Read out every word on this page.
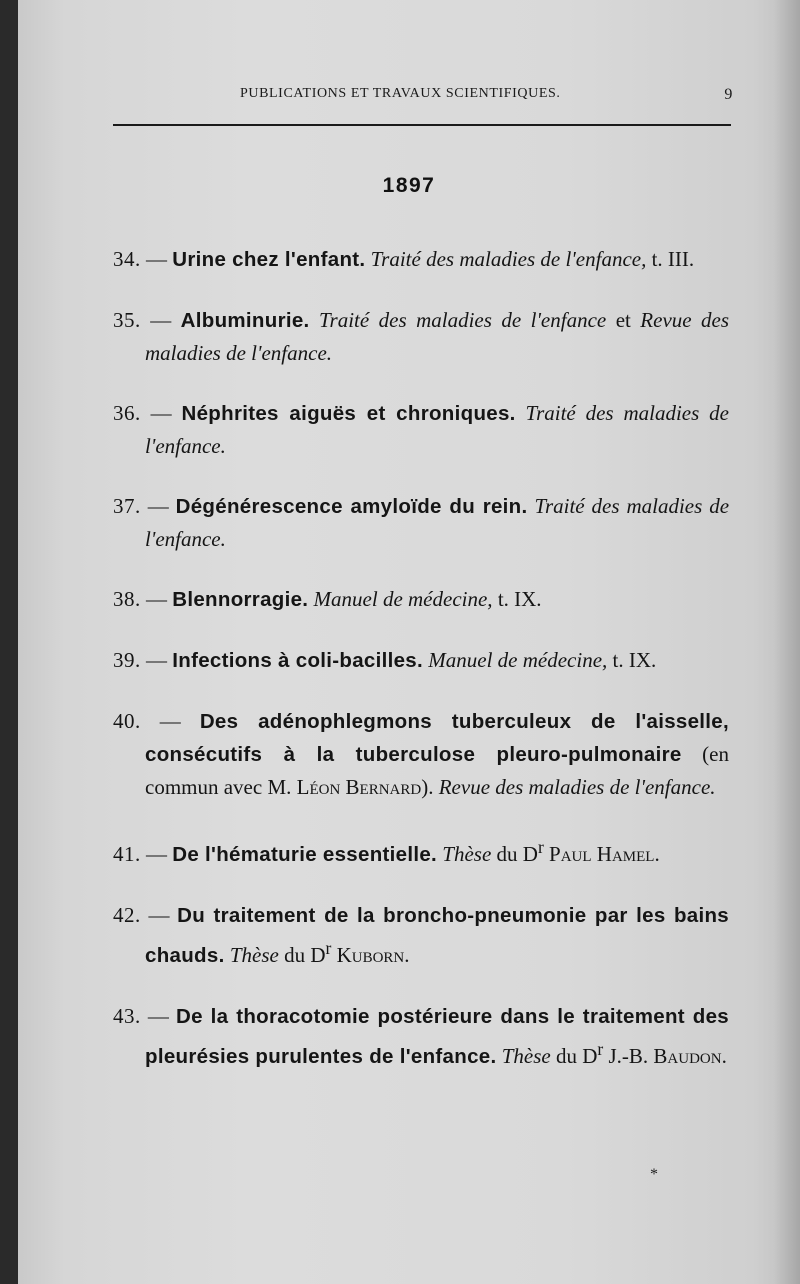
PUBLICATIONS ET TRAVAUX SCIENTIFIQUES.	9
1897

34. — Urine chez l'enfant. Traité des maladies de l'enfance, t. III.

35. — Albuminurie. Traité des maladies de l'enfance et Revue des maladies de l'enfance.

36. — Néphrites aiguës et chroniques. Traité des maladies de l'enfance.

37. — Dégénérescence amyloïde du rein. Traité des maladies de l'enfance.

38. — Blennorragie. Manuel de médecine, t. IX.

39. — Infections à coli-bacilles. Manuel de médecine, t. IX.

40. — Des adénophlegmons tuberculeux de l'aisselle, consécutifs à la tuberculose pleuro-pulmonaire (en commun avec M. Léon Bernard). Revue des maladies de l'enfance.

41. — De l'hématurie essentielle. Thèse du $D^r$ Paul Hamel.

42. — Du traitement de la broncho-pneumonie par les bains chauds. Thèse du $D^r$ Kuborn.

43. — De la thoracotomie postérieure dans le traitement des pleurésies purulentes de l'enfance. Thèse du $D^r$ J.-B. Baudon.

*
